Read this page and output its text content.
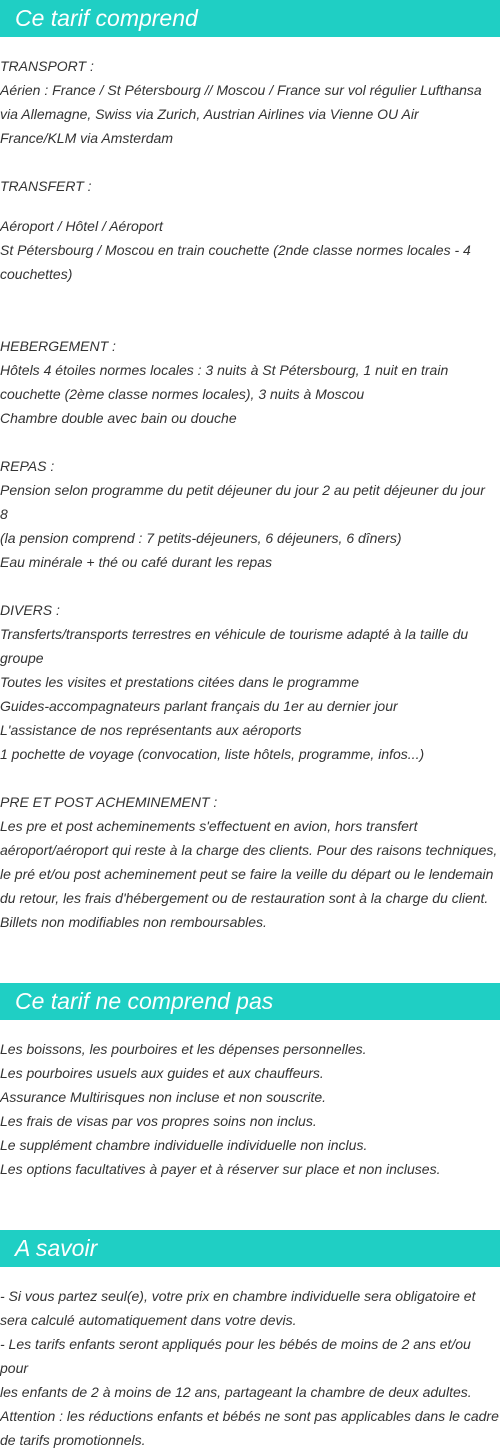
Ce tarif comprend
TRANSPORT :
Aérien : France / St Pétersbourg // Moscou / France sur vol régulier Lufthansa
via Allemagne, Swiss via Zurich, Austrian Airlines via Vienne OU Air
France/KLM via Amsterdam
TRANSFERT :
Aéroport / Hôtel / Aéroport
St Pétersbourg / Moscou en train couchette (2nde classe normes locales - 4
couchettes)
HEBERGEMENT :
Hôtels 4 étoiles normes locales : 3 nuits à St Pétersbourg, 1 nuit en train
couchette (2ème classe normes locales), 3 nuits à Moscou
Chambre double avec bain ou douche
REPAS :
Pension selon programme du petit déjeuner du jour 2 au petit déjeuner du jour
8
(la pension comprend : 7 petits-déjeuners, 6 déjeuners, 6 dîners)
Eau minérale + thé ou café durant les repas
DIVERS :
Transferts/transports terrestres en véhicule de tourisme adapté à la taille du
groupe
Toutes les visites et prestations citées dans le programme
Guides-accompagnateurs parlant français du 1er au dernier jour
L'assistance de nos représentants aux aéroports
1 pochette de voyage (convocation, liste hôtels, programme, infos...)
PRE ET POST ACHEMINEMENT :
Les pre et post acheminements s'effectuent en avion, hors transfert
aéroport/aéroport qui reste à la charge des clients. Pour des raisons techniques,
le pré et/ou post acheminement peut se faire la veille du départ ou le lendemain
du retour, les frais d'hébergement ou de restauration sont à la charge du client.
Billets non modifiables non remboursables.
Ce tarif ne comprend pas
Les boissons, les pourboires et les dépenses personnelles.
Les pourboires usuels aux guides et aux chauffeurs.
Assurance Multirisques non incluse et non souscrite.
Les frais de visas par vos propres soins non inclus.
Le supplément chambre individuelle individuelle non inclus.
Les options facultatives à payer et à réserver sur place et non incluses.
A savoir
- Si vous partez seul(e), votre prix en chambre individuelle sera obligatoire et
sera calculé automatiquement dans votre devis.
- Les tarifs enfants seront appliqués pour les bébés de moins de 2 ans et/ou pour
les enfants de 2 à moins de 12 ans, partageant la chambre de deux adultes.
Attention : les réductions enfants et bébés ne sont pas applicables dans le cadre
de tarifs promotionnels.
